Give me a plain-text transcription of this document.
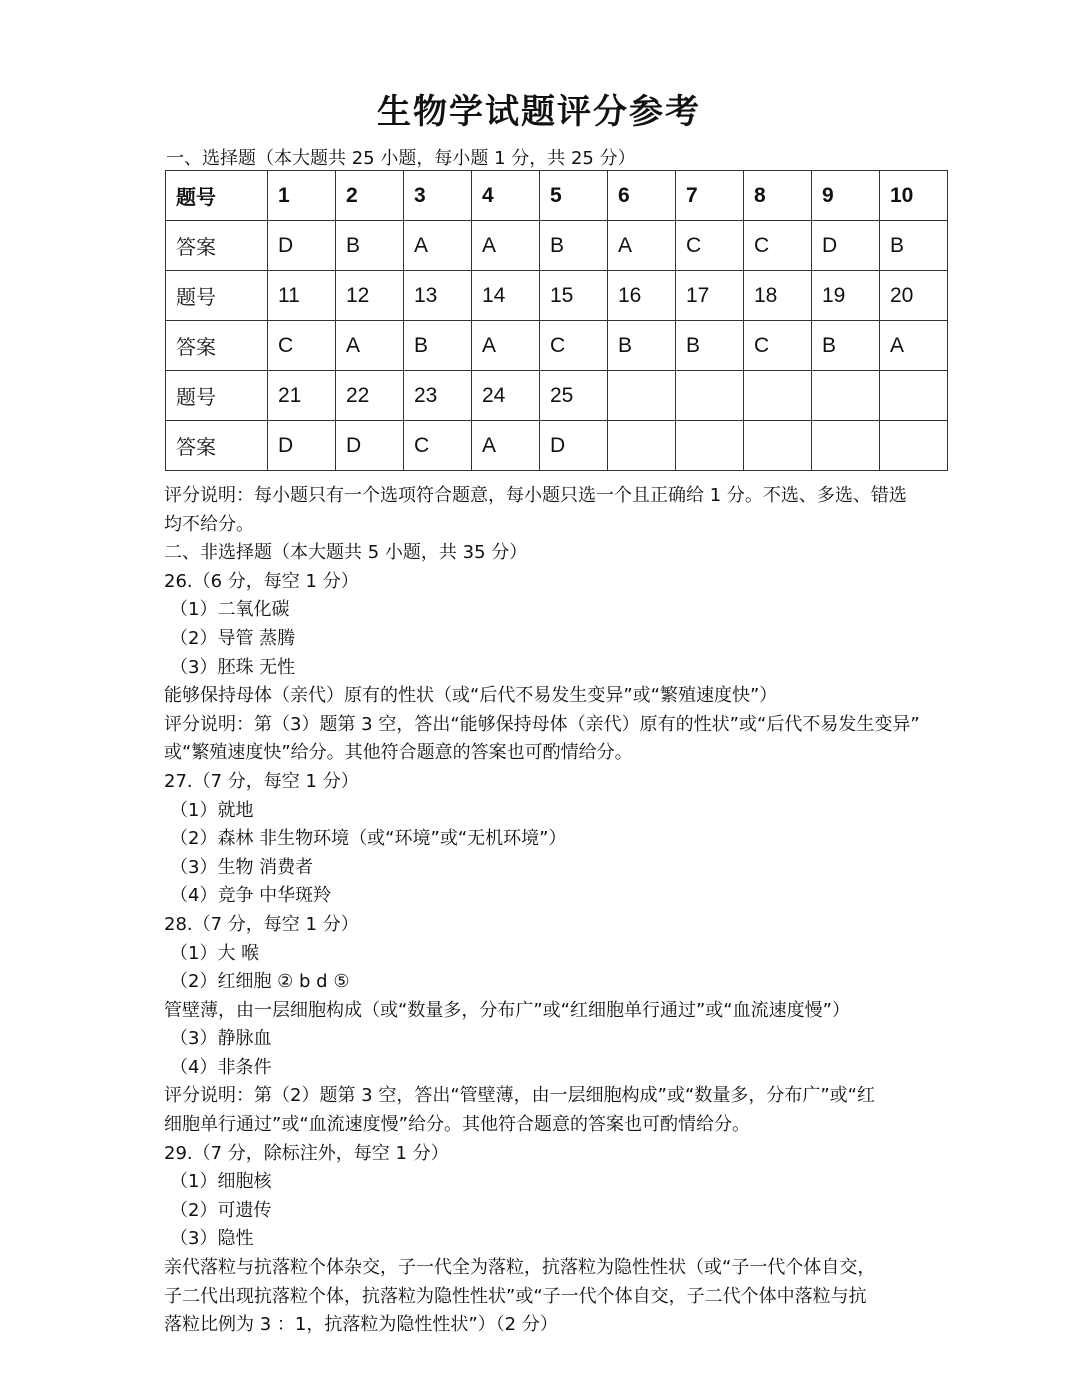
生物学试题评分参考
一、选择题（本大题共 25 小题，每小题 1 分，共 25 分）
题号	1	2	3	4	5	6	7	8	9	10
答案	D	B	A	A	B	A	C	C	D	B
题号	11	12	13	14	15	16	17	18	19	20
答案	C	A	B	A	C	B	B	C	B	A
题号	21	22	23	24	25					
答案	D	D	C	A	D					
评分说明：每小题只有一个选项符合题意，每小题只选一个且正确给 1 分。不选、多选、错选
均不给分。
二、非选择题（本大题共 5 小题，共 35 分）
26.（6 分，每空 1 分）
（1）二氧化碳
（2）导管 蒸腾
（3）胚珠 无性
能够保持母体（亲代）原有的性状（或“后代不易发生变异”或“繁殖速度快”）
评分说明：第（3）题第 3 空，答出“能够保持母体（亲代）原有的性状”或“后代不易发生变异”
或“繁殖速度快”给分。其他符合题意的答案也可酌情给分。
27.（7 分，每空 1 分）
（1）就地
（2）森林 非生物环境（或“环境”或“无机环境”）
（3）生物 消费者
（4）竞争 中华斑羚
28.（7 分，每空 1 分）
（1）大 喉
（2）红细胞 ② b d ⑤
管壁薄，由一层细胞构成（或“数量多，分布广”或“红细胞单行通过”或“血流速度慢”）
（3）静脉血
（4）非条件
评分说明：第（2）题第 3 空，答出“管壁薄，由一层细胞构成”或“数量多，分布广”或“红
细胞单行通过”或“血流速度慢”给分。其他符合题意的答案也可酌情给分。
29.（7 分，除标注外，每空 1 分）
（1）细胞核
（2）可遗传
（3）隐性
亲代落粒与抗落粒个体杂交，子一代全为落粒，抗落粒为隐性性状（或“子一代个体自交，
子二代出现抗落粒个体，抗落粒为隐性性状”或“子一代个体自交，子二代个体中落粒与抗
落粒比例为 3 ：1，抗落粒为隐性性状”）（2 分）
